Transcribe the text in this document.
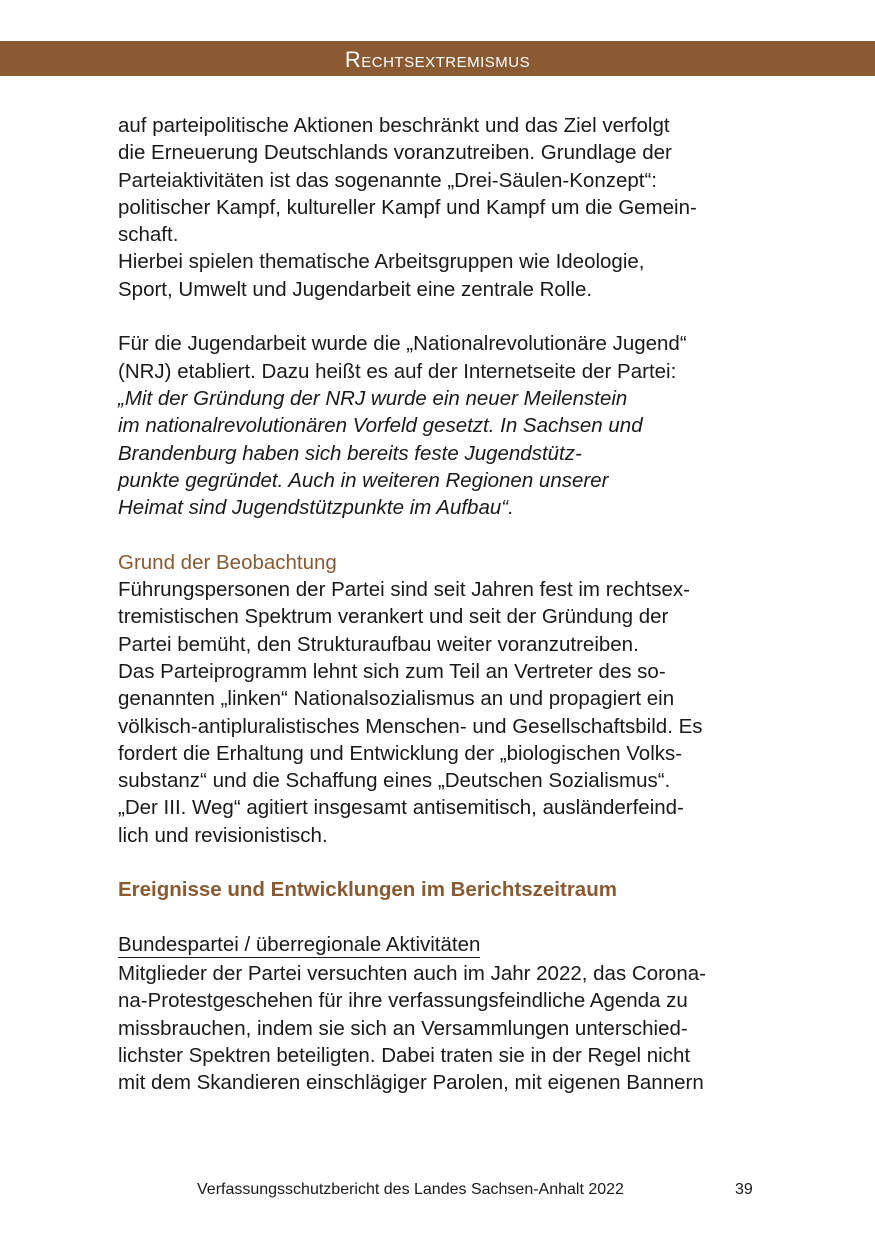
Rechtsextremismus

auf parteipolitische Aktionen beschränkt und das Ziel verfolgt

die Erneuerung Deutschlands voranzutreiben. Grundlage der

Parteiaktivitäten ist das sogenannte „Drei-Säulen-Konzept“:

politischer Kampf, kultureller Kampf und Kampf um die Gemein-

schaft.

Hierbei spielen thematische Arbeitsgruppen wie Ideologie,

Sport, Umwelt und Jugendarbeit eine zentrale Rolle.

Für die Jugendarbeit wurde die „Nationalrevolutionäre Jugend“

(NRJ) etabliert. Dazu heißt es auf der Internetseite der Partei:

„Mit der Gründung der NRJ wurde ein neuer Meilenstein

im nationalrevolutionären Vorfeld gesetzt. In Sachsen und

Brandenburg haben sich bereits feste Jugendstütz-

punkte gegründet. Auch in weiteren Regionen unserer

Heimat sind Jugendstützpunkte im Aufbau“.

Grund der Beobachtung

Führungspersonen der Partei sind seit Jahren fest im rechtsex-

tremistischen Spektrum verankert und seit der Gründung der

Partei bemüht, den Strukturaufbau weiter voranzutreiben.

Das Parteiprogramm lehnt sich zum Teil an Vertreter des so-

genannten „linken“ Nationalsozialismus an und propagiert ein

völkisch-antipluralistisches Menschen- und Gesellschaftsbild. Es

fordert die Erhaltung und Entwicklung der „biologischen Volks-

substanz“ und die Schaffung eines „Deutschen Sozialismus“.

„Der III. Weg“ agitiert insgesamt antisemitisch, ausländerfeind-

lich und revisionistisch.

Ereignisse und Entwicklungen im Berichtszeitraum

Bundespartei / überregionale Aktivitäten

Mitglieder der Partei versuchten auch im Jahr 2022, das Corona-

na-Protestgeschehen für ihre verfassungsfeindliche Agenda zu

missbrauchen, indem sie sich an Versammlungen unterschied-

lichster Spektren beteiligten. Dabei traten sie in der Regel nicht

mit dem Skandieren einschlägiger Parolen, mit eigenen Bannern

Verfassungsschutzbericht des Landes Sachsen-Anhalt 2022	39
